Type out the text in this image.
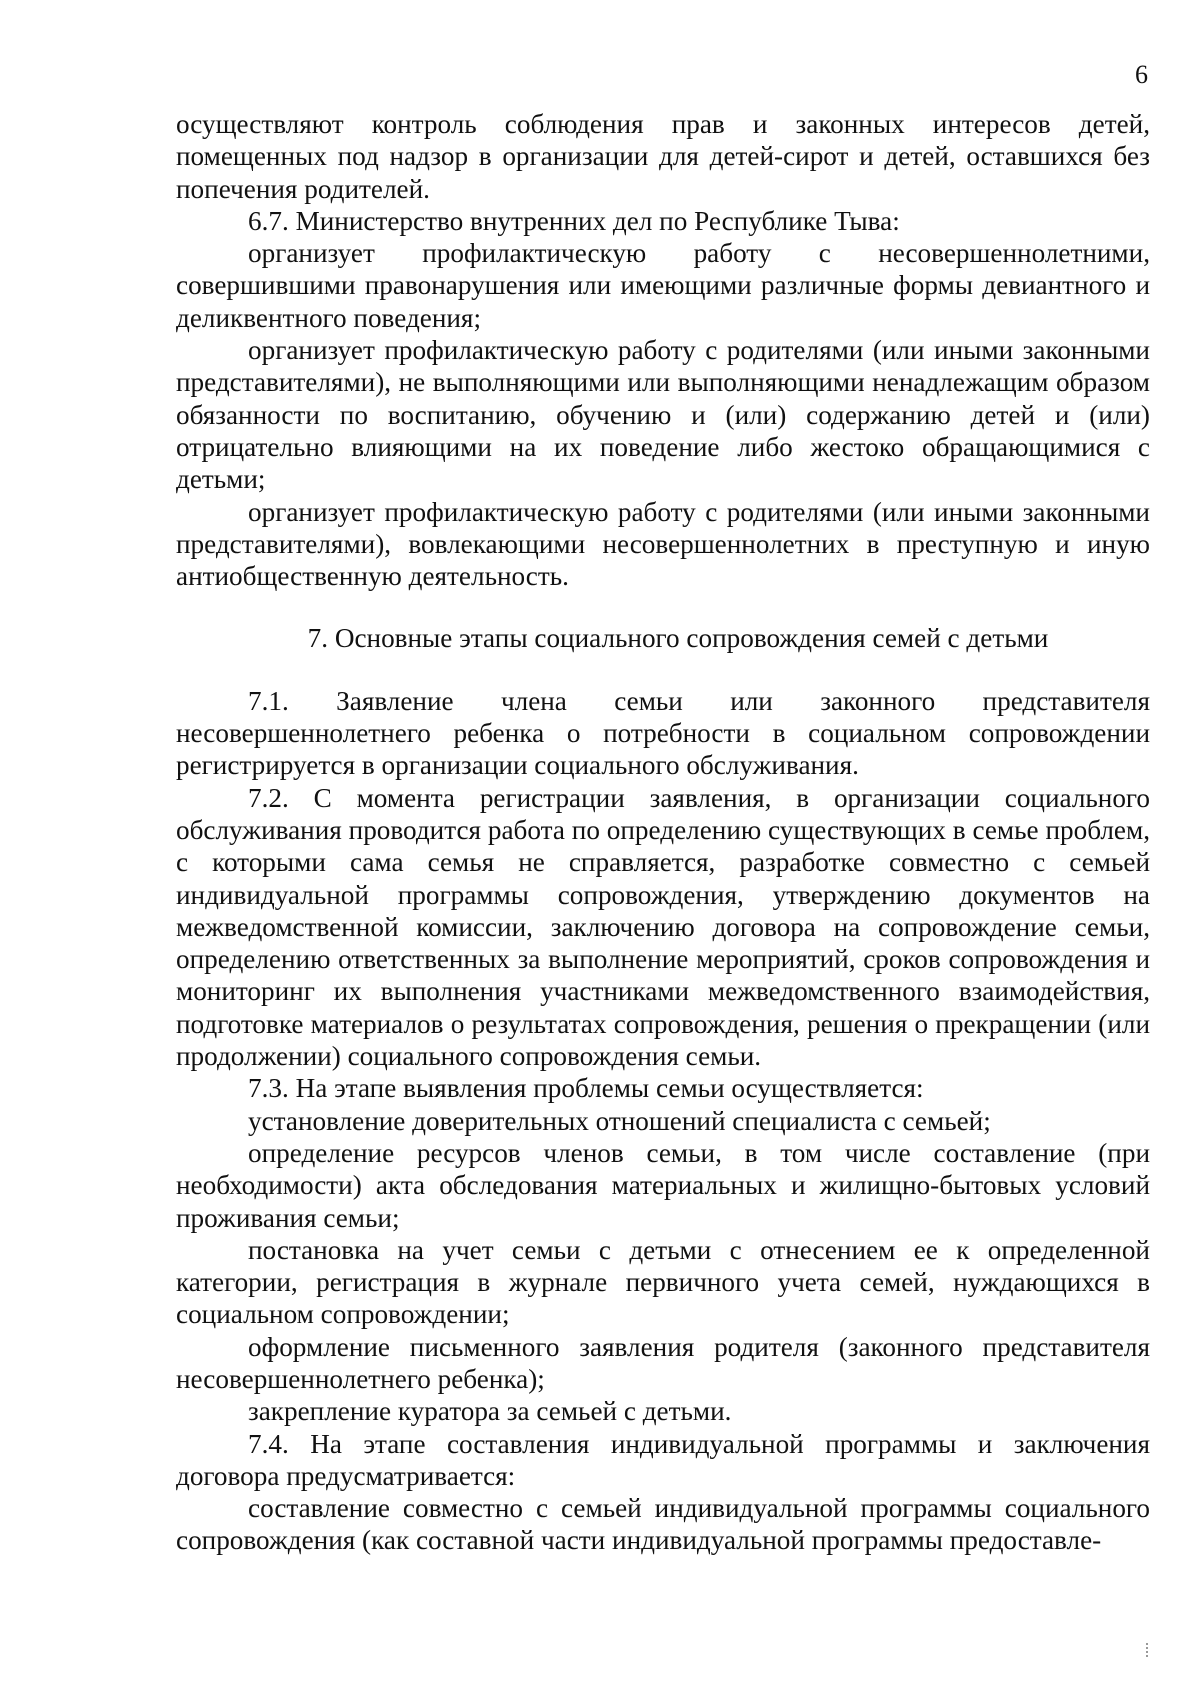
6

осуществляют контроль соблюдения прав и законных интересов детей, помещенных под надзор в организации для детей-сирот и детей, оставшихся без попечения родителей.

6.7. Министерство внутренних дел по Республике Тыва:

организует профилактическую работу с несовершеннолетними, совершившими правонарушения или имеющими различные формы девиантного и деликвентного поведения;

организует профилактическую работу с родителями (или иными законными представителями), не выполняющими или выполняющими ненадлежащим образом обязанности по воспитанию, обучению и (или) содержанию детей и (или) отрицательно влияющими на их поведение либо жестоко обращающимися с детьми;

организует профилактическую работу с родителями (или иными законными представителями), вовлекающими несовершеннолетних в преступную и иную антиобщественную деятельность.

7. Основные этапы социального сопровождения семей с детьми

7.1. Заявление члена семьи или законного представителя несовершеннолетнего ребенка о потребности в социальном сопровождении регистрируется в организации социального обслуживания.

7.2. С момента регистрации заявления, в организации социального обслуживания проводится работа по определению существующих в семье проблем, с которыми сама семья не справляется, разработке совместно с семьей индивидуальной программы сопровождения, утверждению документов на межведомственной комиссии, заключению договора на сопровождение семьи, определению ответственных за выполнение мероприятий, сроков сопровождения и мониторинг их выполнения участниками межведомственного взаимодействия, подготовке материалов о результатах сопровождения, решения о прекращении (или продолжении) социального сопровождения семьи.

7.3. На этапе выявления проблемы семьи осуществляется:

установление доверительных отношений специалиста с семьей;

определение ресурсов членов семьи, в том числе составление (при необходимости) акта обследования материальных и жилищно-бытовых условий проживания семьи;

постановка на учет семьи с детьми с отнесением ее к определенной категории, регистрация в журнале первичного учета семей, нуждающихся в социальном сопровождении;

оформление письменного заявления родителя (законного представителя несовершеннолетнего ребенка);

закрепление куратора за семьей с детьми.

7.4. На этапе составления индивидуальной программы и заключения договора предусматривается:

составление совместно с семьей индивидуальной программы социального сопровождения (как составной части индивидуальной программы предоставле-
